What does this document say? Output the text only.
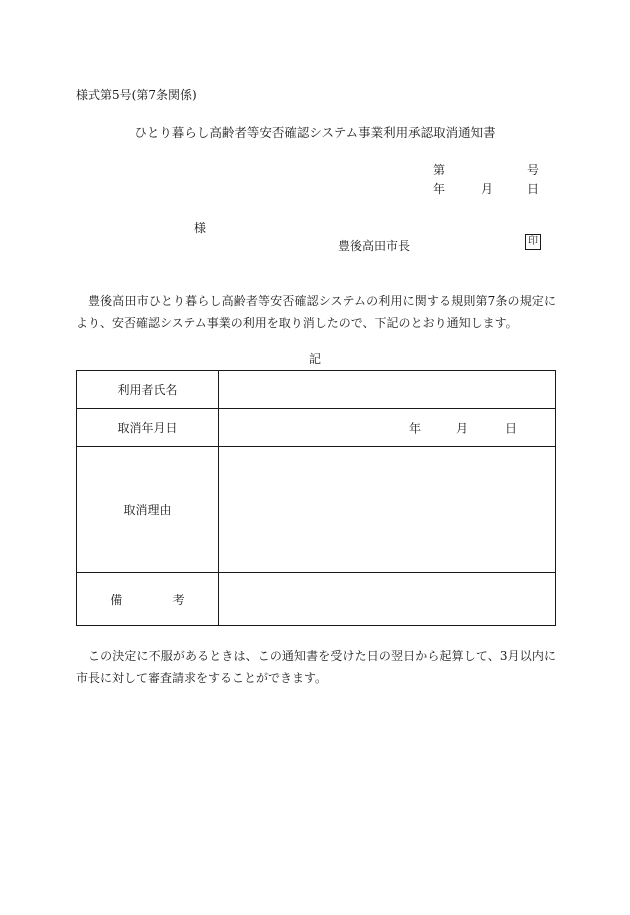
様式第5号(第7条関係)
ひとり暮らし高齢者等安否確認システム事業利用承認取消通知書
第	号
年	月	日
様
豊後高田市長	印
豊後高田市ひとり暮らし高齢者等安否確認システムの利用に関する規則第7条の規定により、安否確認システム事業の利用を取り消したので、下記のとおり通知します。
記
利用者氏名	
取消年月日	年 月 日

取消理由	
備　考	
この決定に不服があるときは、この通知書を受けた日の翌日から起算して、3月以内に市長に対して審査請求をすることができます。
